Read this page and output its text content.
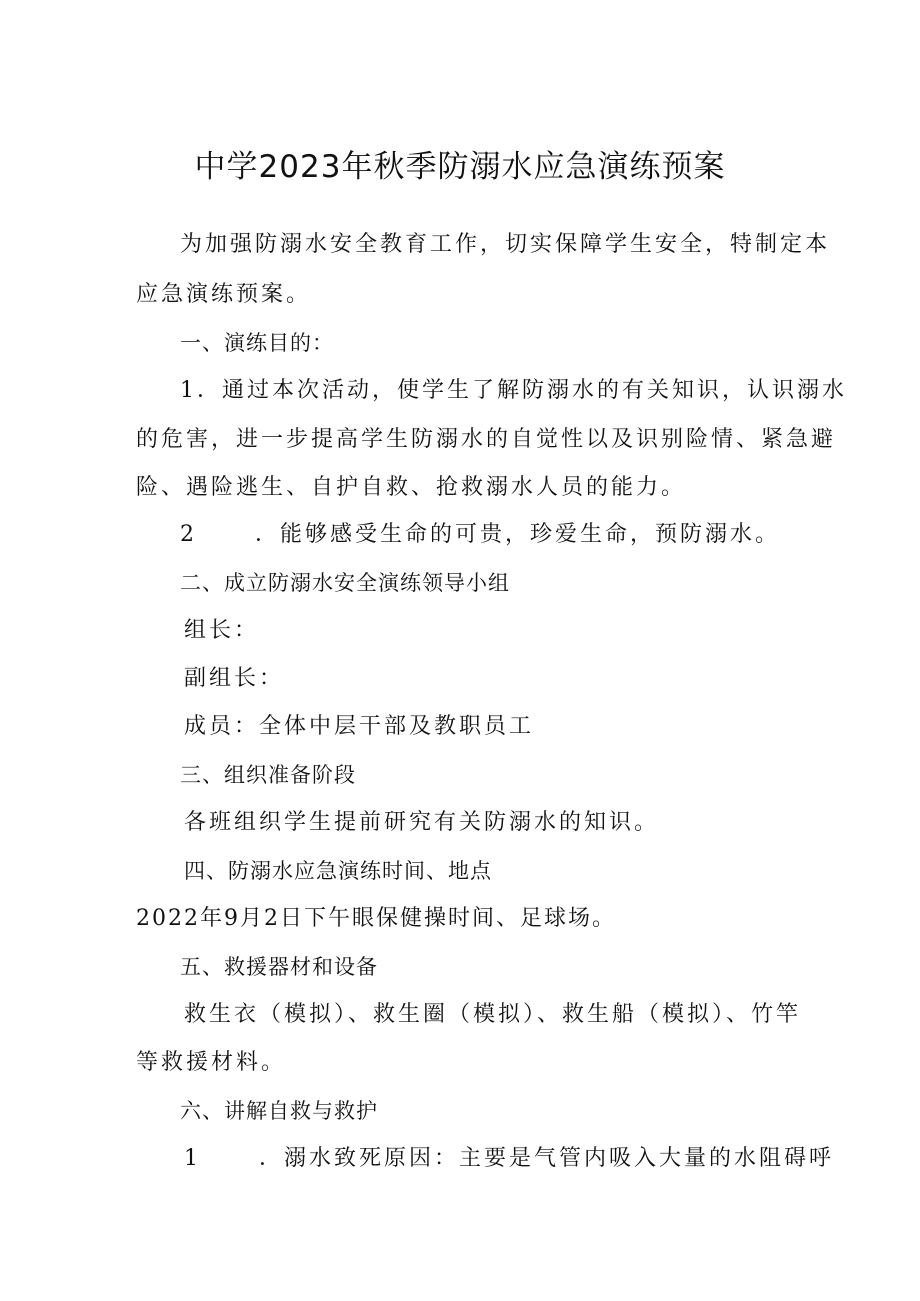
中学2023年秋季防溺水应急演练预案

为加强防溺水安全教育工作，切实保障学生安全，特制定本

应急演练预案。

一、演练目的：

1．通过本次活动，使学生了解防溺水的有关知识，认识溺水

的危害，进一步提高学生防溺水的自觉性以及识别险情、紧急避

险、遇险逃生、自护自救、抢救溺水人员的能力。

2	．能够感受生命的可贵，珍爱生命，预防溺水。

二、成立防溺水安全演练领导小组

组长：

副组长：

成员：全体中层干部及教职员工

三、组织准备阶段

各班组织学生提前研究有关防溺水的知识。

四、防溺水应急演练时间、地点

2022年9月2日下午眼保健操时间、足球场。

五、救援器材和设备

救生衣（模拟）、救生圈（模拟）、救生船（模拟）、竹竿

等救援材料。

六、讲解自救与救护

1	．溺水致死原因：主要是气管内吸入大量的水阻碍呼
